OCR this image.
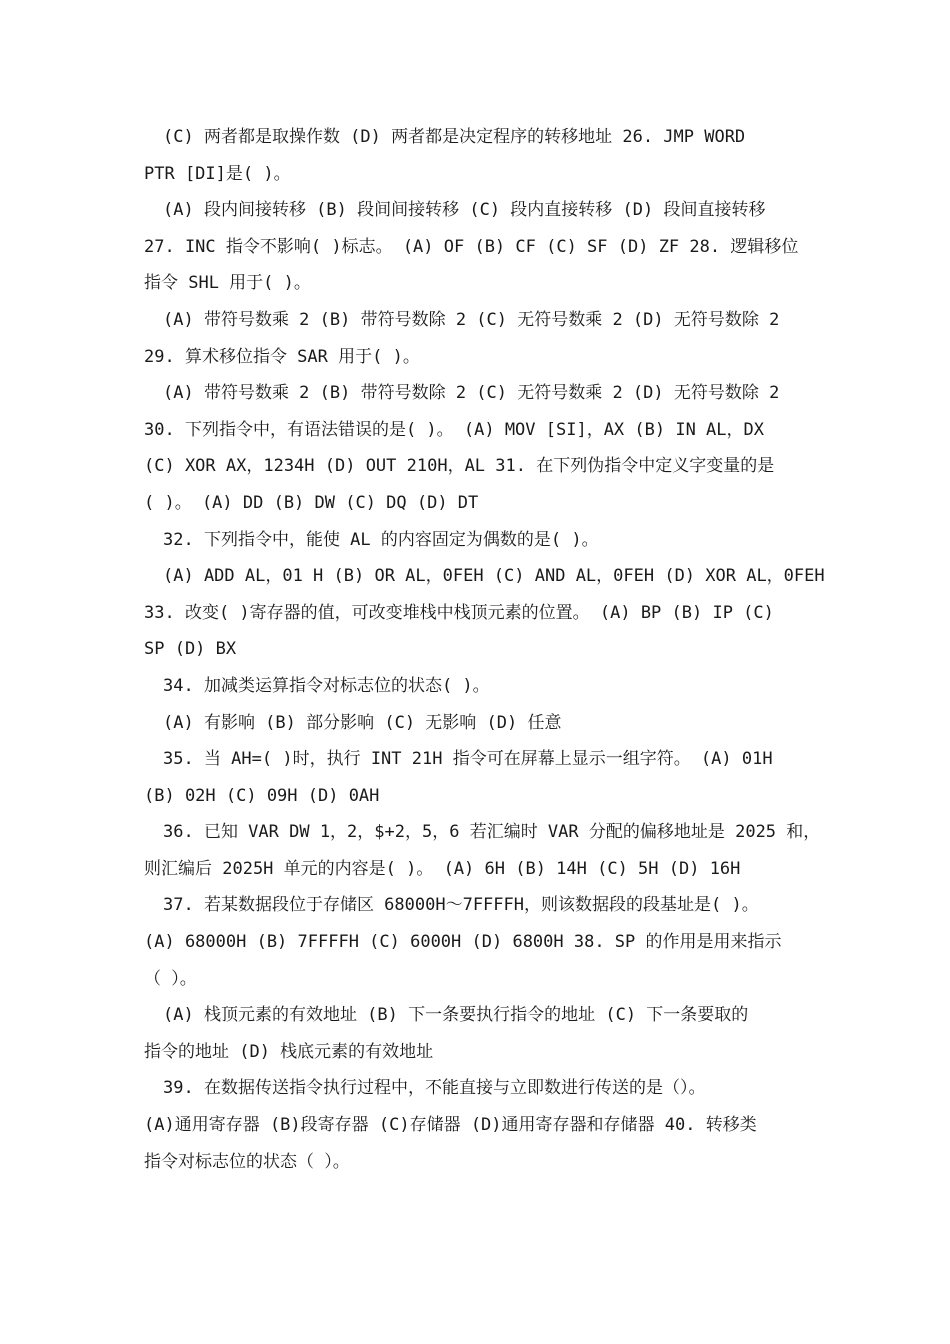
(C) 两者都是取操作数 (D) 两者都是决定程序的转移地址 26. JMP WORD
PTR [DI]是( )。
(A) 段内间接转移 (B) 段间间接转移 (C) 段内直接转移 (D) 段间直接转移
27. INC 指令不影响( )标志。 (A) OF (B) CF (C) SF (D) ZF 28. 逻辑移位
指令 SHL 用于( )。
(A) 带符号数乘 2 (B) 带符号数除 2 (C) 无符号数乘 2 (D) 无符号数除 2
29. 算术移位指令 SAR 用于( )。
(A) 带符号数乘 2 (B) 带符号数除 2 (C) 无符号数乘 2 (D) 无符号数除 2
30. 下列指令中，有语法错误的是( )。 (A) MOV [SI]，AX (B) IN AL，DX
(C) XOR AX，1234H (D) OUT 210H，AL 31. 在下列伪指令中定义字变量的是
( )。 (A) DD (B) DW (C) DQ (D) DT
32. 下列指令中，能使 AL 的内容固定为偶数的是( )。
(A) ADD AL，01 H (B) OR AL，0FEH (C) AND AL，0FEH (D) XOR AL，0FEH
33. 改变( )寄存器的值，可改变堆栈中栈顶元素的位置。 (A) BP (B) IP (C)
SP (D) BX
34. 加减类运算指令对标志位的状态( )。
(A) 有影响 (B) 部分影响 (C) 无影响 (D) 任意
35. 当 AH=( )时，执行 INT 21H 指令可在屏幕上显示一组字符。 (A) 01H
(B) 02H (C) 09H (D) 0AH
36. 已知 VAR DW 1，2，$+2，5，6 若汇编时 VAR 分配的偏移地址是 2025 和，
则汇编后 2025H 单元的内容是( )。 (A) 6H (B) 14H (C) 5H (D) 16H
37. 若某数据段位于存储区 68000H～7FFFFH，则该数据段的段基址是( )。
(A) 68000H (B) 7FFFFH (C) 6000H (D) 6800H 38. SP 的作用是用来指示
（ ）。
(A) 栈顶元素的有效地址 (B) 下一条要执行指令的地址 (C) 下一条要取的
指令的地址 (D) 栈底元素的有效地址
39. 在数据传送指令执行过程中，不能直接与立即数进行传送的是（）。
(A)通用寄存器 (B)段寄存器 (C)存储器 (D)通用寄存器和存储器 40. 转移类
指令对标志位的状态（ ）。
